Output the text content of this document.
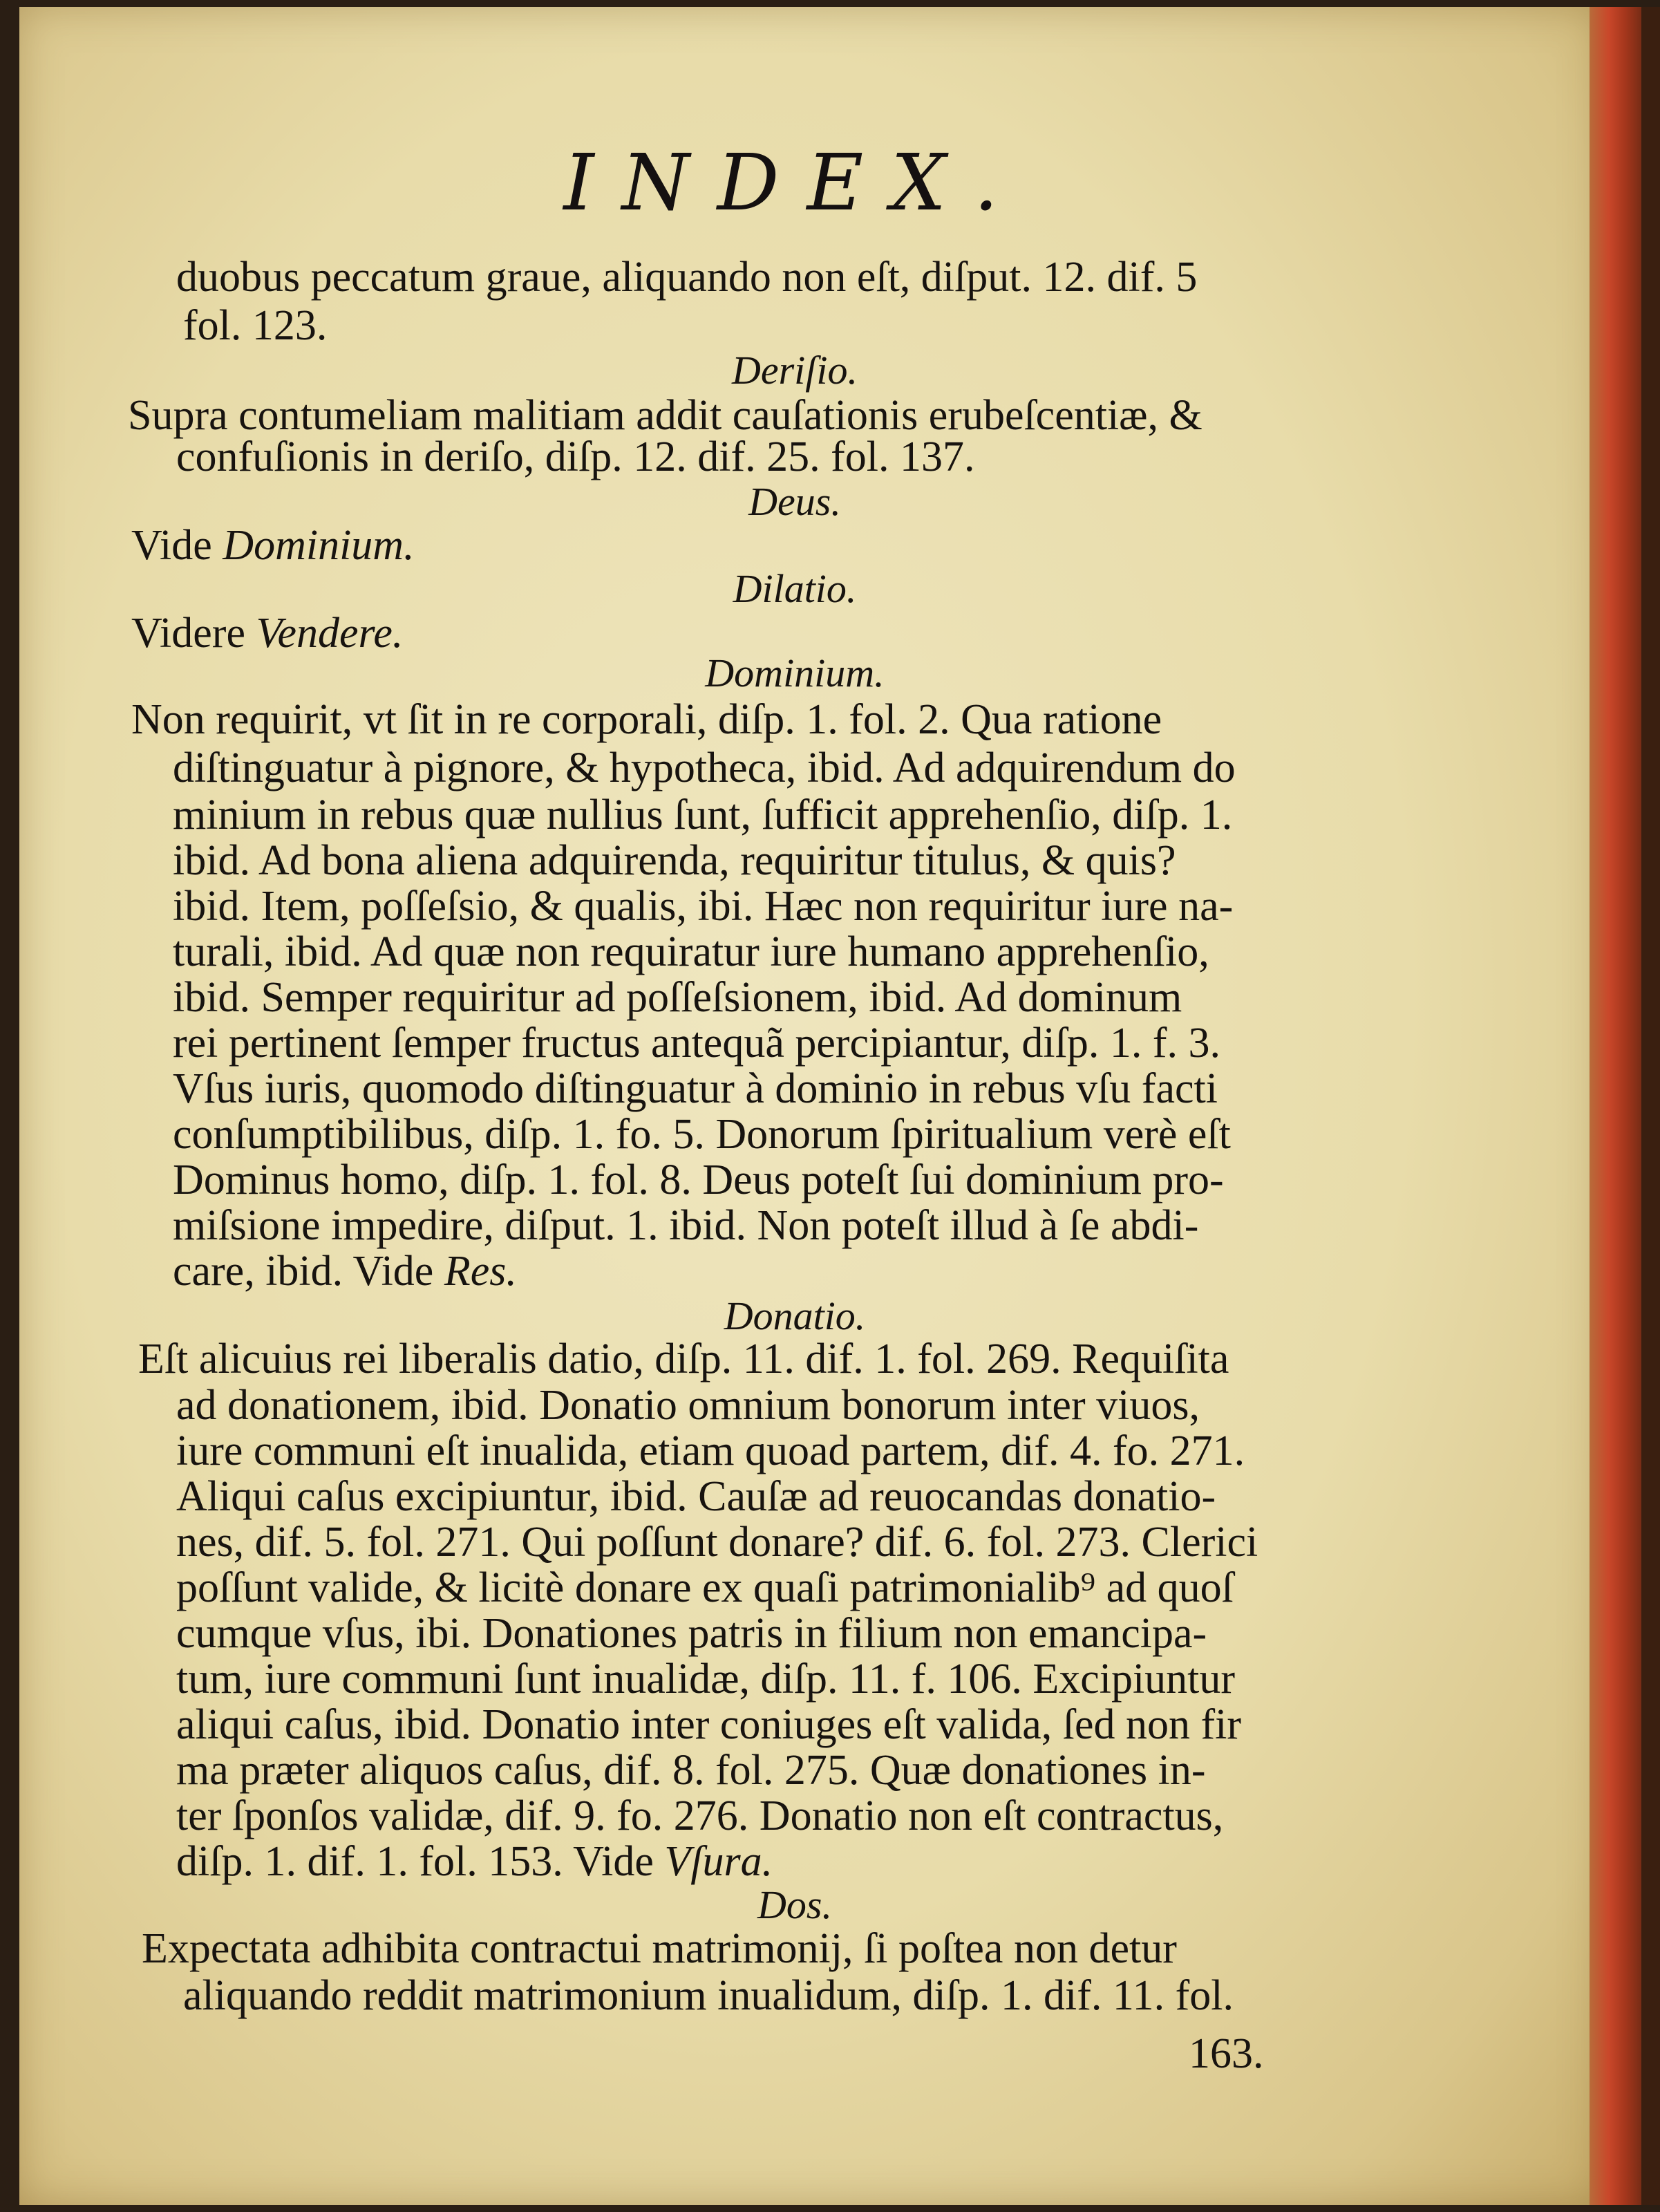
INDEX.
duobus peccatum graue, aliquando non eſt, diſput. 12. dif. 5
fol. 123.
Deriſio.
Supra contumeliam malitiam addit cauſationis erubeſcentiæ, &
confuſionis in deriſo, diſp. 12. dif. 25. fol. 137.
Deus.
Vide Dominium.
Dilatio.
Videre Vendere.
Dominium.
Non requirit, vt ſit in re corporali, diſp. 1. fol. 2. Qua ratione
diſtinguatur à pignore, & hypotheca, ibid. Ad adquirendum do
minium in rebus quæ nullius ſunt, ſufficit apprehenſio, diſp. 1.
ibid. Ad bona aliena adquirenda, requiritur titulus, & quis?
ibid. Item, poſſeſsio, & qualis, ibi. Hæc non requiritur iure na-
turali, ibid. Ad quæ non requiratur iure humano apprehenſio,
ibid. Semper requiritur ad poſſeſsionem, ibid. Ad dominum
rei pertinent ſemper fructus antequã percipiantur, diſp. 1. f. 3.
Vſus iuris, quomodo diſtinguatur à dominio in rebus vſu facti
conſumptibilibus, diſp. 1. fo. 5. Donorum ſpiritualium verè eſt
Dominus homo, diſp. 1. fol. 8. Deus poteſt ſui dominium pro-
miſsione impedire, diſput. 1. ibid. Non poteſt illud à ſe abdi-
care, ibid. Vide Res.
Donatio.
Eſt alicuius rei liberalis datio, diſp. 11. dif. 1. fol. 269. Requiſita
ad donationem, ibid. Donatio omnium bonorum inter viuos,
iure communi eſt inualida, etiam quoad partem, dif. 4. fo. 271.
Aliqui caſus excipiuntur, ibid. Cauſæ ad reuocandas donatio-
nes, dif. 5. fol. 271. Qui poſſunt donare? dif. 6. fol. 273. Clerici
poſſunt valide, & licitè donare ex quaſi patrimonialib⁹ ad quoſ
cumque vſus, ibi. Donationes patris in filium non emancipa-
tum, iure communi ſunt inualidæ, diſp. 11. f. 106. Excipiuntur
aliqui caſus, ibid. Donatio inter coniuges eſt valida, ſed non fir
ma præter aliquos caſus, dif. 8. fol. 275. Quæ donationes in-
ter ſponſos validæ, dif. 9. fo. 276. Donatio non eſt contractus,
diſp. 1. dif. 1. fol. 153. Vide Vſura.
Dos.
Expectata adhibita contractui matrimonij, ſi poſtea non detur
aliquando reddit matrimonium inualidum, diſp. 1. dif. 11. fol.
163.
